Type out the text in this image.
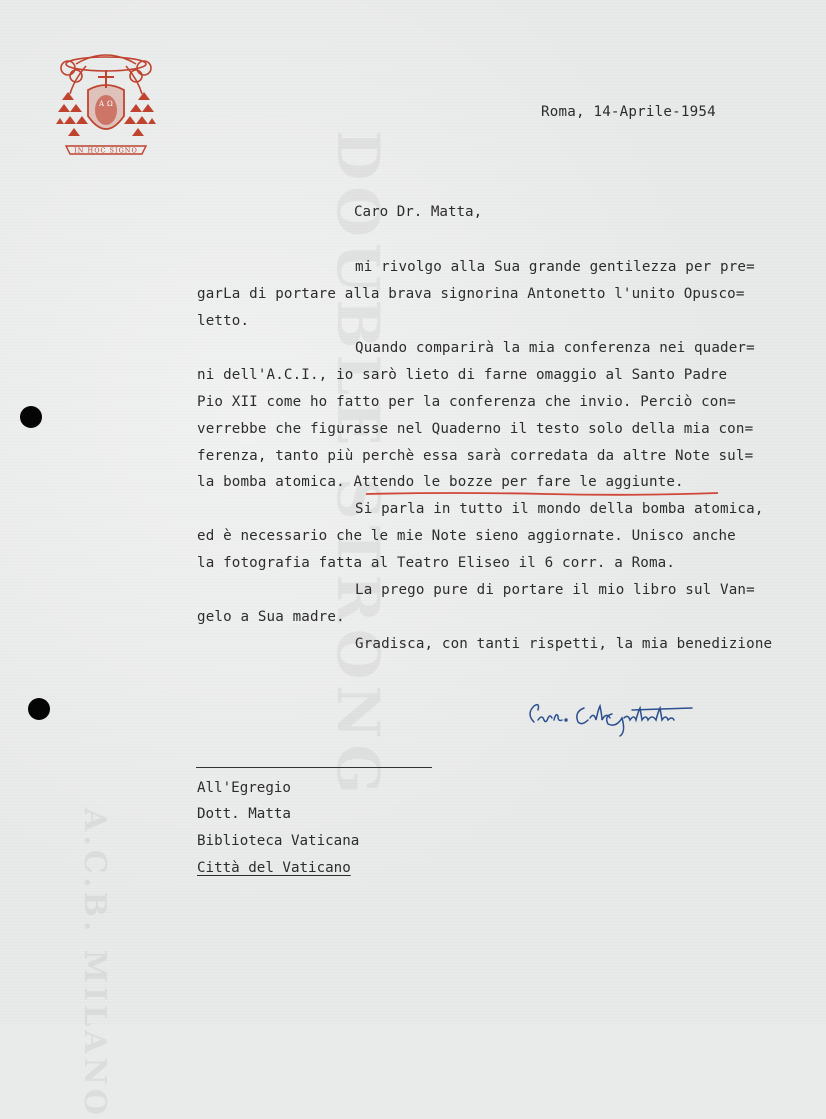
DOUBLE STRONG
A.C.B. MILANO
A Ω
IN HOC SIGNO
Roma, 14-Aprile-1954
Caro Dr. Matta,
mi rivolgo alla Sua grande gentilezza per pre=
garLa di portare alla brava signorina Antonetto l'unito Opusco=
letto.
Quando comparirà la mia conferenza nei quader=
ni dell'A.C.I., io sarò lieto di farne omaggio al Santo Padre
Pio XII come ho fatto per la conferenza che invio. Perciò con=
verrebbe che figurasse nel Quaderno il testo solo della mia con=
ferenza, tanto più perchè essa sarà corredata da altre Note sul=
la bomba atomica. Attendo le bozze per fare le aggiunte.
Si parla in tutto il mondo della bomba atomica,
ed è necessario che le mie Note sieno aggiornate. Unisco anche
la fotografia fatta al Teatro Eliseo il 6 corr. a Roma.
La prego pure di portare il mio libro sul Van=
gelo a Sua madre.
Gradisca, con tanti rispetti, la mia benedizione
Card. Celso Costantini
All'Egregio
Dott. Matta
Biblioteca Vaticana
Città del Vaticano
